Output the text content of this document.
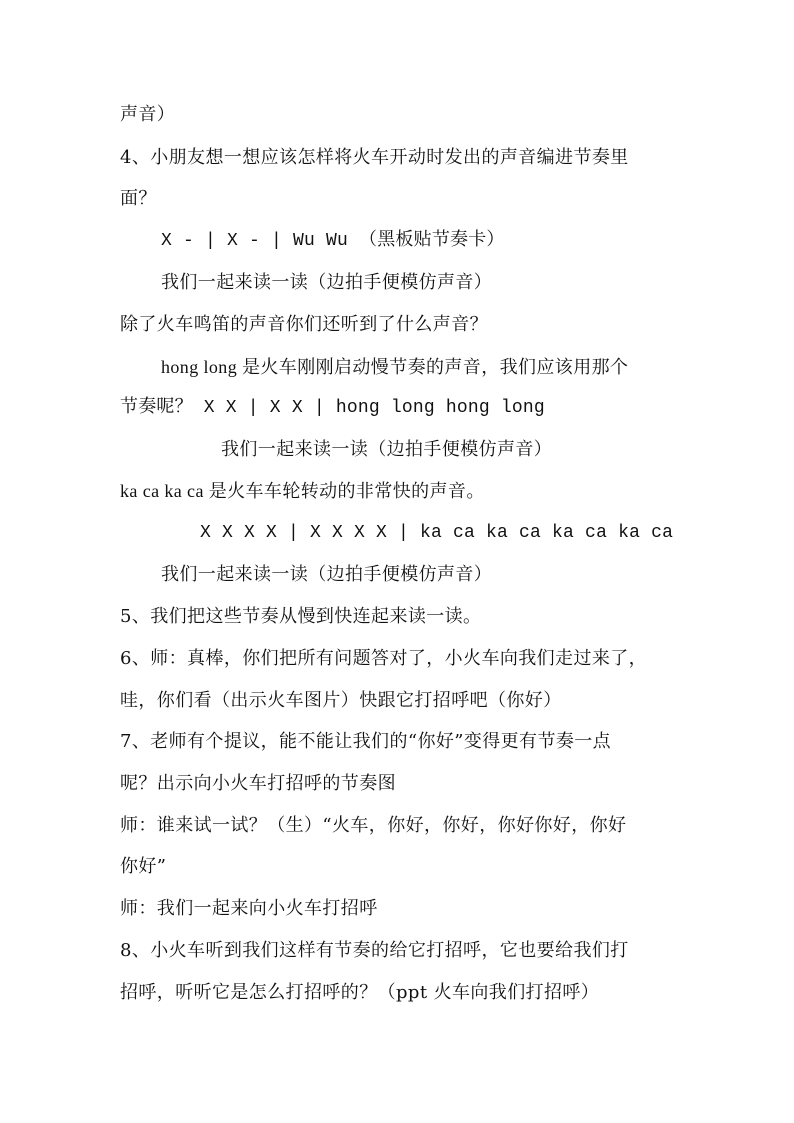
声音）
4、小朋友想一想应该怎样将火车开动时发出的声音编进节奏里
面？
X - | X - | Wu Wu （黑板贴节奏卡）
我们一起来读一读（边拍手便模仿声音）
除了火车鸣笛的声音你们还听到了什么声音？
hong long 是火车刚刚启动慢节奏的声音，我们应该用那个
节奏呢？ X X | X X | hong long hong long
我们一起来读一读（边拍手便模仿声音）
ka ca ka ca 是火车车轮转动的非常快的声音。
X X X X | X X X X | ka ca ka ca ka ca ka ca
我们一起来读一读（边拍手便模仿声音）
5、我们把这些节奏从慢到快连起来读一读。
6、师：真棒，你们把所有问题答对了，小火车向我们走过来了，
哇，你们看（出示火车图片）快跟它打招呼吧（你好）
7、老师有个提议，能不能让我们的“你好”变得更有节奏一点
呢？出示向小火车打招呼的节奏图
师：谁来试一试？（生）“火车，你好，你好，你好你好，你好
你好”
师：我们一起来向小火车打招呼
8、小火车听到我们这样有节奏的给它打招呼，它也要给我们打
招呼，听听它是怎么打招呼的？（ppt 火车向我们打招呼）
